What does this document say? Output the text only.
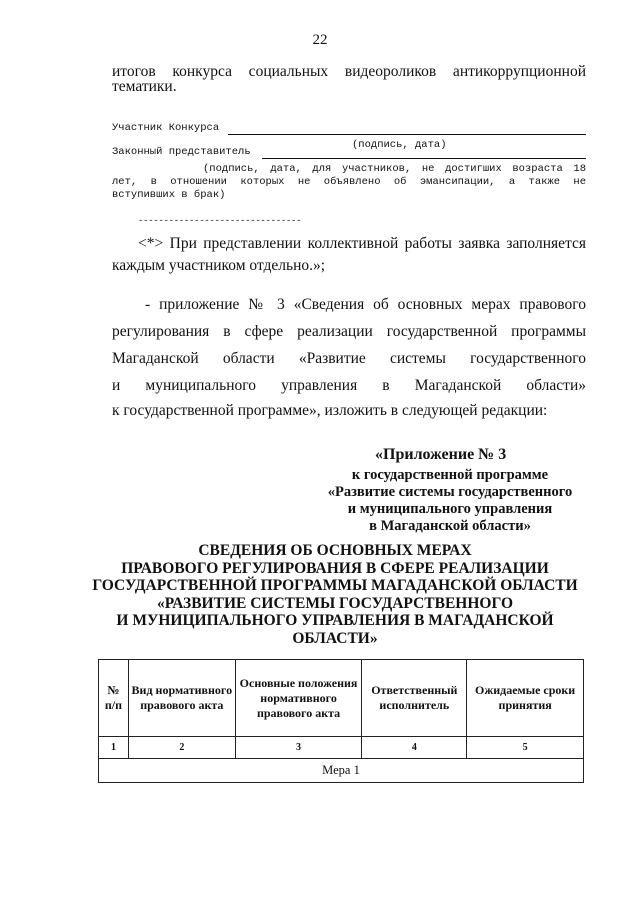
22
итогов конкурса социальных видеороликов антикоррупционной
тематики.
Участник Конкурса
(подпись, дата)
Законный представитель
(подпись, дата, для участников, не достигших возраста 18
лет, в отношении которых не объявлено об эмансипации, а также не
вступивших в брак)
--------------------------------
<*> При представлении коллективной работы заявка заполняется
каждым участником отдельно.»;
- приложение № 3 «Сведения об основных мерах правового
регулирования в сфере реализации государственной программы
Магаданской области «Развитие системы государственного
и муниципального управления в Магаданской области»
к государственной программе», изложить в следующей редакции:
«Приложение № 3
к государственной программе
«Развитие системы государственного
и муниципального управления
в Магаданской области»
СВЕДЕНИЯ ОБ ОСНОВНЫХ МЕРАХ
ПРАВОВОГО РЕГУЛИРОВАНИЯ В СФЕРЕ РЕАЛИЗАЦИИ
ГОСУДАРСТВЕННОЙ ПРОГРАММЫ МАГАДАНСКОЙ ОБЛАСТИ
«РАЗВИТИЕ СИСТЕМЫ ГОСУДАРСТВЕННОГО
И МУНИЦИПАЛЬНОГО УПРАВЛЕНИЯ В МАГАДАНСКОЙ
ОБЛАСТИ»
№ п/п	Вид нормативного правового акта	Основные положения нормативного правового акта	Ответственный исполнитель	Ожидаемые сроки принятия
1	2	3	4	5
Мера 1				
